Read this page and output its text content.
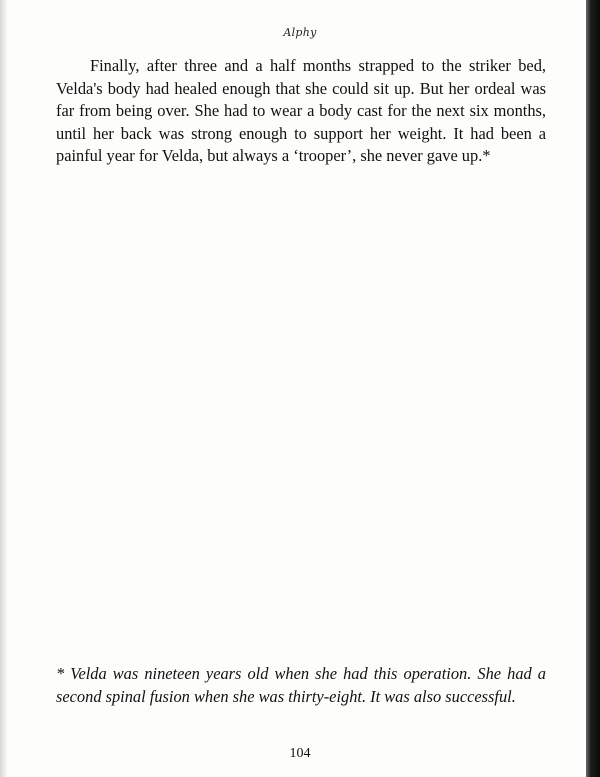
Alphy

Finally, after three and a half months strapped to the striker bed, Velda's body had healed enough that she could sit up. But her ordeal was far from being over. She had to wear a body cast for the next six months, until her back was strong enough to support her weight. It had been a painful year for Velda, but always a ‘trooper’, she never gave up.*

* Velda was nineteen years old when she had this operation. She had a second spinal fusion when she was thirty-eight. It was also successful.

104
